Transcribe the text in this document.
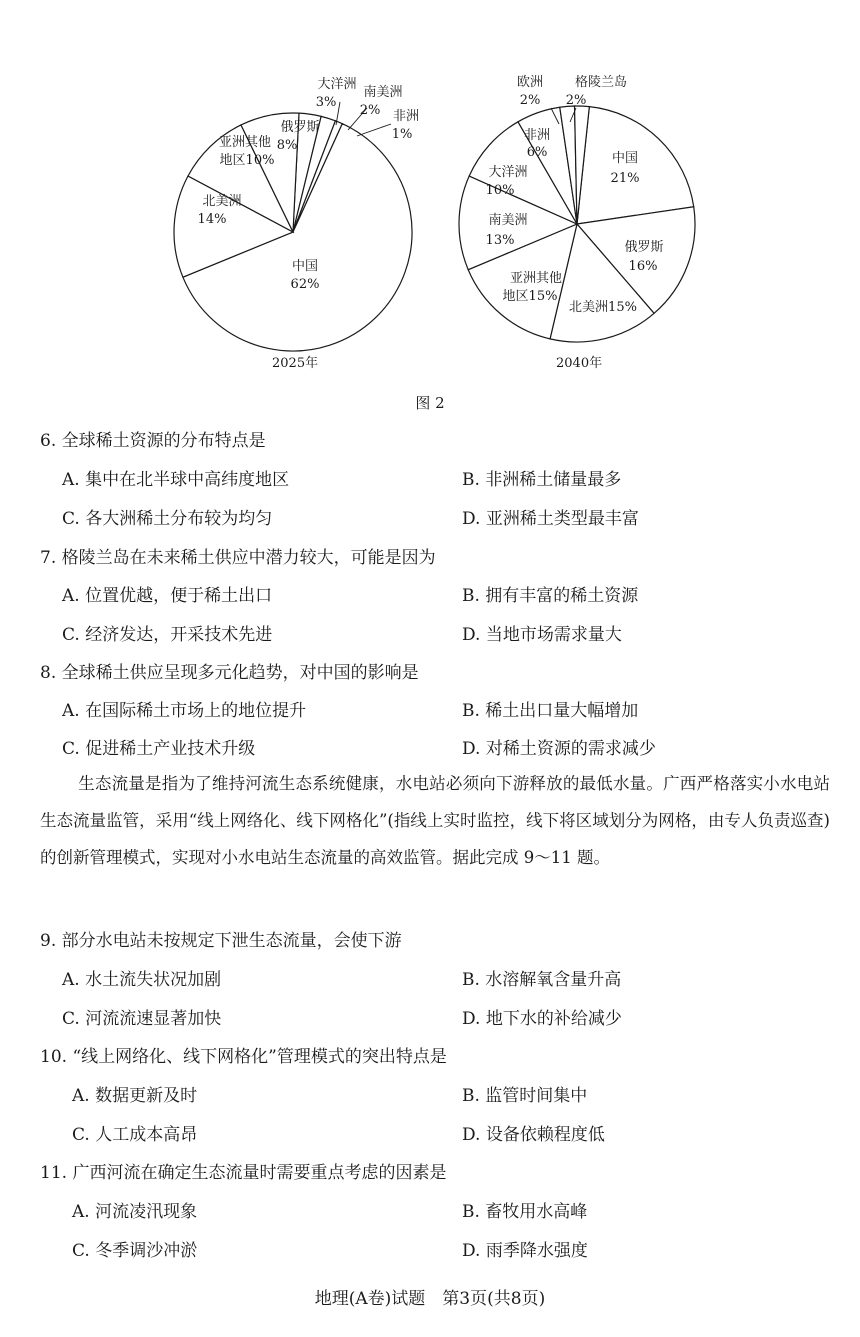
中国
62%
北美洲
14%
亚洲其他
地区10%
俄罗斯
8%
大洋洲
3%
南美洲
2% 非洲
1%
欧洲
2%
格陵兰岛
2%
非洲
6%
大洋洲
10%
中国
21%
南美洲
13%	俄罗斯
16%
亚洲其他
地区15%
北美洲15%
2025年	2040年
图 2
6. 全球稀土资源的分布特点是
A. 集中在北半球中高纬度地区	B. 非洲稀土储量最多
C. 各大洲稀土分布较为均匀	D. 亚洲稀土类型最丰富
7. 格陵兰岛在未来稀土供应中潜力较大，可能是因为
A. 位置优越，便于稀土出口	B. 拥有丰富的稀土资源
C. 经济发达，开采技术先进	D. 当地市场需求量大
8. 全球稀土供应呈现多元化趋势，对中国的影响是
A. 在国际稀土市场上的地位提升	B. 稀土出口量大幅增加
C. 促进稀土产业技术升级	D. 对稀土资源的需求减少
生态流量是指为了维持河流生态系统健康，水电站必须向下游释放的最低水量。广西严格落实小水电站生态流量监管，采用“线上网络化、线下网格化”(指线上实时监控，线下将区域划分为网格，由专人负责巡查)的创新管理模式，实现对小水电站生态流量的高效监管。据此完成 9～11 题。
9. 部分水电站未按规定下泄生态流量，会使下游
A. 水土流失状况加剧	B. 水溶解氧含量升高
C. 河流流速显著加快	D. 地下水的补给减少
10. “线上网络化、线下网格化”管理模式的突出特点是
A. 数据更新及时	B. 监管时间集中
C. 人工成本高昂	D. 设备依赖程度低
11. 广西河流在确定生态流量时需要重点考虑的因素是
A. 河流凌汛现象	B. 畜牧用水高峰
C. 冬季调沙冲淤	D. 雨季降水强度
地理(A卷)试题　第3页(共8页)
